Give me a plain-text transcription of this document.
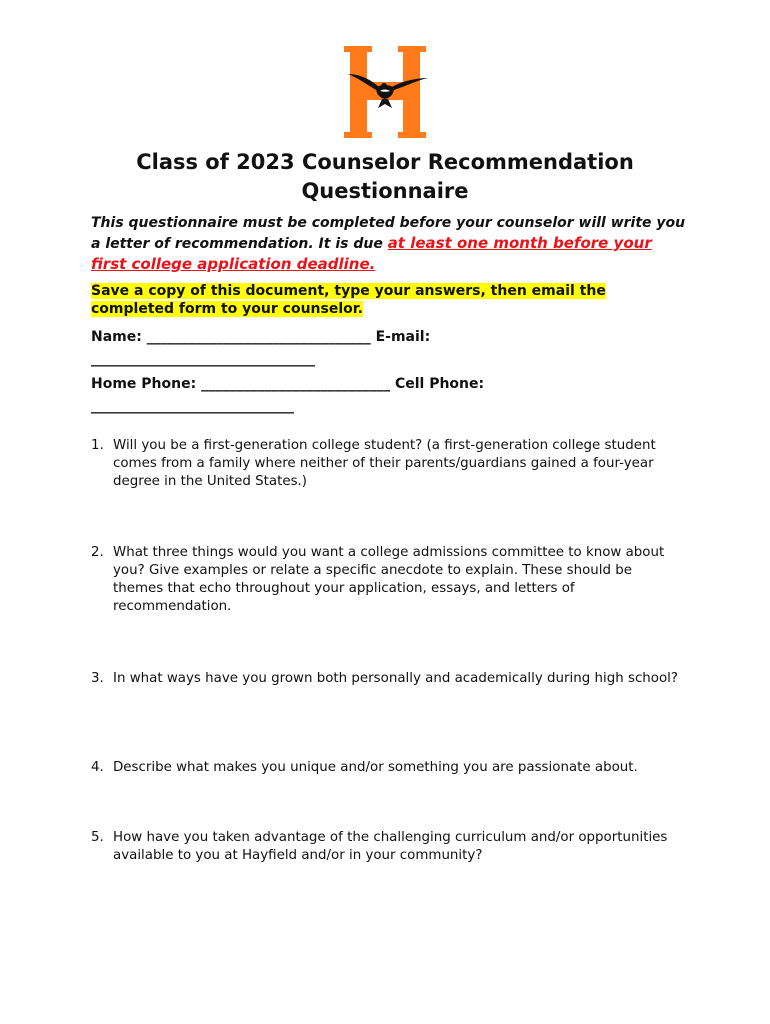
Class of 2023 Counselor Recommendation
Questionnaire

This questionnaire must be completed before your counselor will write you a letter of recommendation. It is due at least one month before your first college application deadline.

Save a copy of this document, type your answers, then email the completed form to your counselor.

Name: ________________________________ E-mail:

________________________________

Home Phone: ___________________________ Cell Phone:

_____________________________

1. Will you be a first-generation college student? (a first-generation college student comes from a family where neither of their parents/guardians gained a four-year degree in the United States.)
2. What three things would you want a college admissions committee to know about you? Give examples or relate a specific anecdote to explain. These should be themes that echo throughout your application, essays, and letters of recommendation.
3. In what ways have you grown both personally and academically during high school?
4. Describe what makes you unique and/or something you are passionate about.
5. How have you taken advantage of the challenging curriculum and/or opportunities available to you at Hayfield and/or in your community?
